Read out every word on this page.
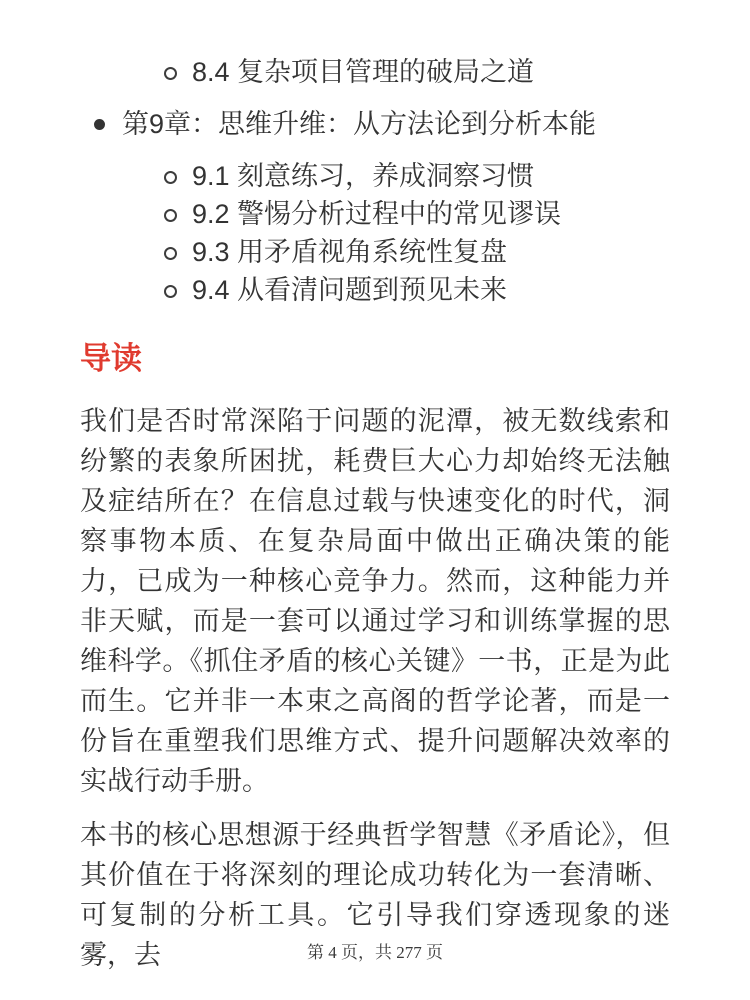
8.4 复杂项目管理的破局之道
第9章：思维升维：从方法论到分析本能
9.1 刻意练习，养成洞察习惯
9.2 警惕分析过程中的常见谬误
9.3 用矛盾视角系统性复盘
9.4 从看清问题到预见未来
导读

我们是否时常深陷于问题的泥潭，被无数线索和纷繁的表象所困扰，耗费巨大心力却始终无法触及症结所在？在信息过载与快速变化的时代，洞察事物本质、在复杂局面中做出正确决策的能力，已成为一种核心竞争力。然而，这种能力并非天赋，而是一套可以通过学习和训练掌握的思维科学。《抓住矛盾的核心关键》一书，正是为此而生。它并非一本束之高阁的哲学论著，而是一份旨在重塑我们思维方式、提升问题解决效率的实战行动手册。

本书的核心思想源于经典哲学智慧《矛盾论》，但其价值在于将深刻的理论成功转化为一套清晰、可复制的分析工具。它引导我们穿透现象的迷雾，去	第 4 页，共 277 页
